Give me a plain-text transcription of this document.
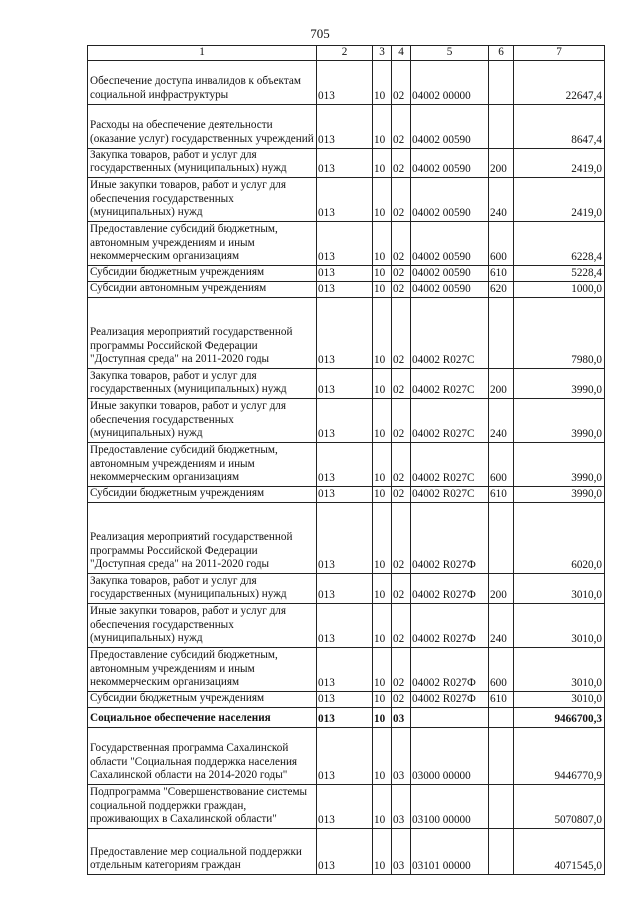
705
1	2	3	4	5	6	7
Обеспечение доступа инвалидов к объектам социальной инфраструктуры	013	10	02	04002 00000		22647,4
Расходы на обеспечение деятельности (оказание услуг) государственных учреждений	013	10	02	04002 00590		8647,4
Закупка товаров, работ и услуг для государственных (муниципальных) нужд	013	10	02	04002 00590	200	2419,0
Иные закупки товаров, работ и услуг для обеспечения государственных (муниципальных) нужд	013	10	02	04002 00590	240	2419,0
Предоставление субсидий бюджетным, автономным учреждениям и иным некоммерческим организациям	013	10	02	04002 00590	600	6228,4
Субсидии бюджетным учреждениям	013	10	02	04002 00590	610	5228,4
Субсидии автономным учреждениям	013	10	02	04002 00590	620	1000,0
Реализация мероприятий государственной программы Российской Федерации "Доступная среда" на 2011-2020 годы	013	10	02	04002 R027С		7980,0
Закупка товаров, работ и услуг для государственных (муниципальных) нужд	013	10	02	04002 R027С	200	3990,0
Иные закупки товаров, работ и услуг для обеспечения государственных (муниципальных) нужд	013	10	02	04002 R027С	240	3990,0
Предоставление субсидий бюджетным, автономным учреждениям и иным некоммерческим организациям	013	10	02	04002 R027С	600	3990,0
Субсидии бюджетным учреждениям	013	10	02	04002 R027С	610	3990,0
Реализация мероприятий государственной программы Российской Федерации "Доступная среда" на 2011-2020 годы	013	10	02	04002 R027Ф		6020,0
Закупка товаров, работ и услуг для государственных (муниципальных) нужд	013	10	02	04002 R027Ф	200	3010,0
Иные закупки товаров, работ и услуг для обеспечения государственных (муниципальных) нужд	013	10	02	04002 R027Ф	240	3010,0
Предоставление субсидий бюджетным, автономным учреждениям и иным некоммерческим организациям	013	10	02	04002 R027Ф	600	3010,0
Субсидии бюджетным учреждениям	013	10	02	04002 R027Ф	610	3010,0
Социальное обеспечение населения	013	10	03			9466700,3
Государственная программа Сахалинской области "Социальная поддержка населения Сахалинской области на 2014-2020 годы"	013	10	03	03000 00000		9446770,9
Подпрограмма "Совершенствование системы социальной поддержки граждан, проживающих в Сахалинской области"	013	10	03	03100 00000		5070807,0
Предоставление мер социальной поддержки отдельным категориям граждан	013	10	03	03101 00000		4071545,0
